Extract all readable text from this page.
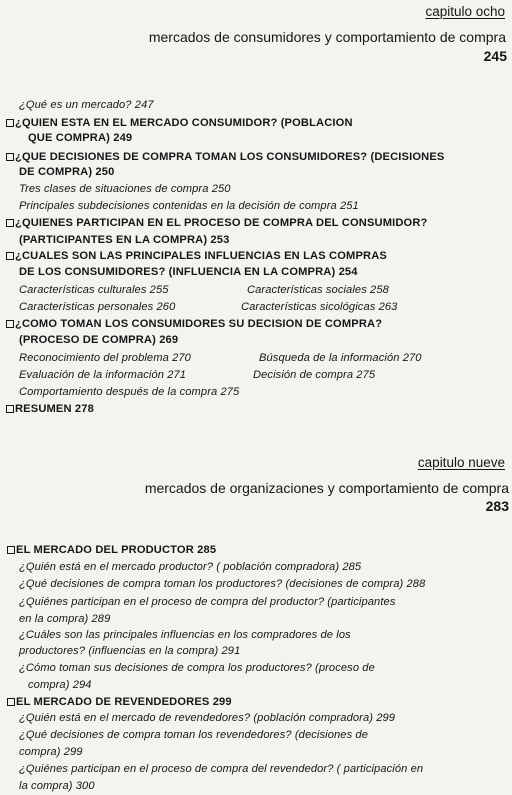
capitulo ocho
mercados de consumidores y comportamiento de compra
245
¿Qué es un mercado? 247
¿QUIEN ESTA EN EL MERCADO CONSUMIDOR? (POBLACION
QUE COMPRA) 249
¿QUE DECISIONES DE COMPRA TOMAN LOS CONSUMIDORES? (DECISIONES
DE COMPRA) 250
Tres clases de situaciones de compra 250
Principales subdecisiones contenidas en la decisión de compra 251
¿QUIENES PARTICIPAN EN EL PROCESO DE COMPRA DEL CONSUMIDOR?
(PARTICIPANTES EN LA COMPRA) 253
¿CUALES SON LAS PRINCIPALES INFLUENCIAS EN LAS COMPRAS
DE LOS CONSUMIDORES? (INFLUENCIA EN LA COMPRA) 254
Características culturales 255	Características sociales 258
Características personales 260	Características sicológicas 263
¿COMO TOMAN LOS CONSUMIDORES SU DECISION DE COMPRA?
(PROCESO DE COMPRA) 269
Reconocimiento del problema 270	Búsqueda de la información 270
Evaluación de la información 271	Decisión de compra 275
Comportamiento después de la compra 275
RESUMEN 278
capitulo nueve
mercados de organizaciones y comportamiento de compra
283
EL MERCADO DEL PRODUCTOR 285
¿Quién está en el mercado productor? ( población compradora) 285
¿Qué decisiones de compra toman los productores? (decisiones de compra) 288
¿Quiénes participan en el proceso de compra del productor? (participantes
en la compra) 289
¿Cuáles son las principales influencias en los compradores de los
productores? (influencias en la compra) 291
¿Cómo toman sus decisiones de compra los productores? (proceso de
compra) 294
EL MERCADO DE REVENDEDORES 299
¿Quién está en el mercado de revendedores? (población compradora) 299
¿Qué decisiones de compra toman los revendedores? (decisiones de
compra) 299
¿Quiénes participan en el proceso de compra del revendedor? ( participación en
la compra) 300
